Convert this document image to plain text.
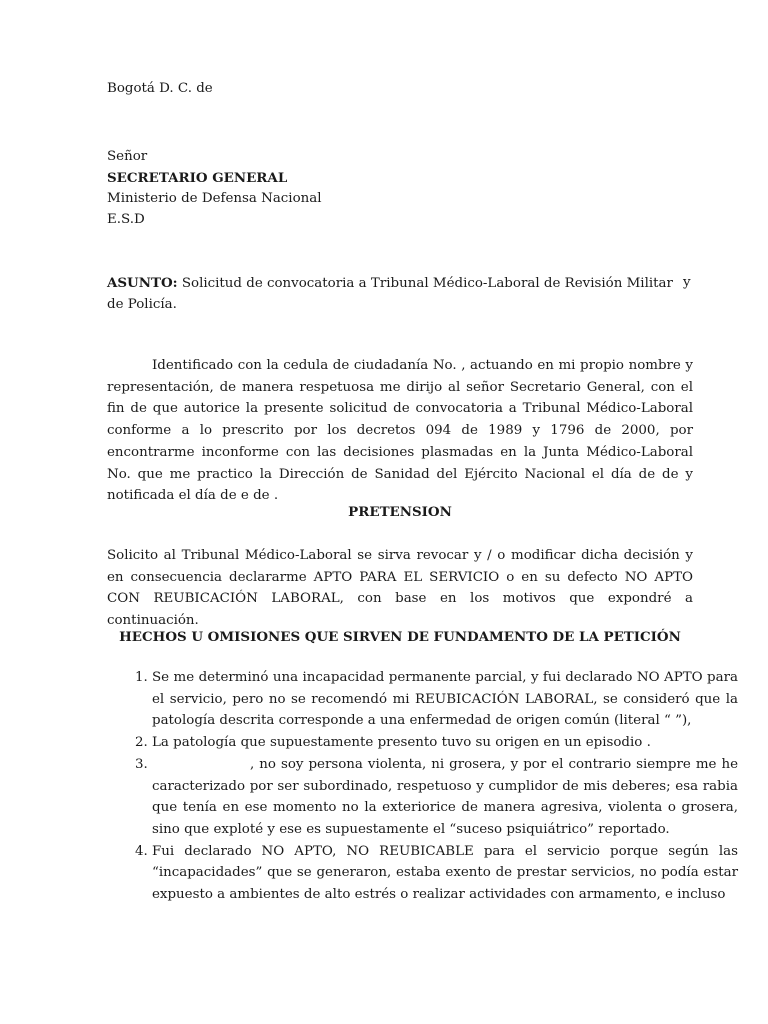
Bogotá D. C. de
Señor
SECRETARIO GENERAL
Ministerio de Defensa Nacional
E.S.D
ASUNTO: Solicitud de convocatoria a Tribunal Médico-Laboral de Revisión Militar y
de Policía.
Identificado con la cedula de ciudadanía No. , actuando en mi propio nombre y representación, de manera respetuosa me dirijo al señor Secretario General, con el fin de que autorice la presente solicitud de convocatoria a Tribunal Médico-Laboral conforme a lo prescrito por los decretos 094 de 1989 y 1796 de 2000, por encontrarme inconforme con las decisiones plasmadas en la Junta Médico-Laboral No. que me practico la Dirección de Sanidad del Ejército Nacional el día de de y notificada el día de e de .
PRETENSION
Solicito al Tribunal Médico-Laboral se sirva revocar y / o modificar dicha decisión y en consecuencia declararme APTO PARA EL SERVICIO o en su defecto NO APTO CON REUBICACIÓN LABORAL, con base en los motivos que expondré a continuación.
HECHOS U OMISIONES QUE SIRVEN DE FUNDAMENTO DE LA PETICIÓN
1. Se me determinó una incapacidad permanente parcial, y fui declarado NO APTO para el servicio, pero no se recomendó mi REUBICACIÓN LABORAL, se consideró que la patología descrita corresponde a una enfermedad de origen común (literal “ ”),
2. La patología que supuestamente presento tuvo su origen en un episodio .
3. , no soy persona violenta, ni grosera, y por el contrario siempre me he caracterizado por ser subordinado, respetuoso y cumplidor de mis deberes; esa rabia que tenía en ese momento no la exteriorice de manera agresiva, violenta o grosera, sino que exploté y ese es supuestamente el “suceso psiquiátrico” reportado.
4. Fui declarado NO APTO, NO REUBICABLE para el servicio porque según las “incapacidades” que se generaron, estaba exento de prestar servicios, no podía estar expuesto a ambientes de alto estrés o realizar actividades con armamento, e incluso
